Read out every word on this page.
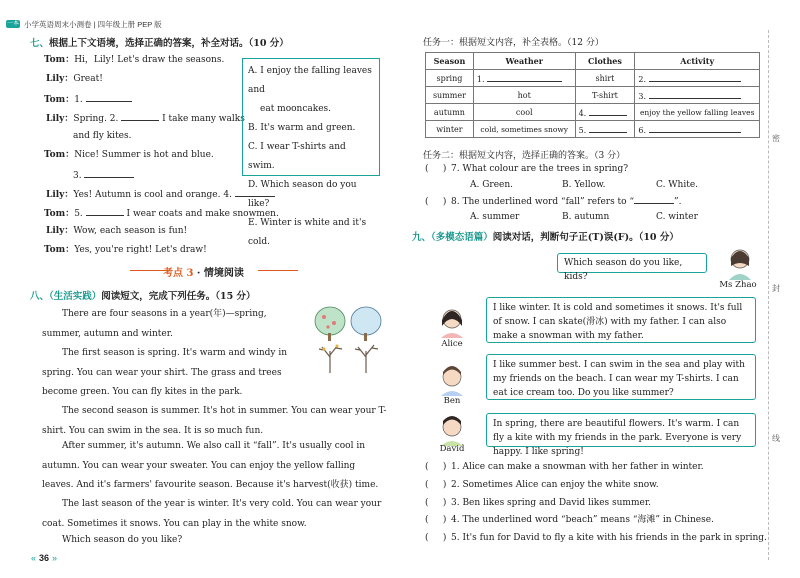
一本 小学英语周末小测卷 | 四年级上册 PEP 版
七、根据上下文语境，选择正确的答案，补全对话。（10 分）
Tom：Hi，Lily! Let's draw the seasons.
Lily：Great!
Tom：1.
Lily：Spring. 2.	I take many walks
and fly kites.
Tom：Nice! Summer is hot and blue.
3.
Lily：Yes! Autumn is cool and orange. 4.
Tom：5.	I wear coats and make snowmen.
Lily：Wow, each season is fun!
Tom：Yes, you're right! Let's draw!
A. I enjoy the falling leaves and
eat mooncakes.
B. It's warm and green.
C. I wear T-shirts and swim.
D. Which season do you like?
E. Winter is white and it's cold.
考点 3 · 情境阅读
八、（生活实践）阅读短文，完成下列任务。（15 分）
There are four seasons in a year(年)—spring, summer, autumn and winter.
The first season is spring. It's warm and windy in spring. You can wear your shirt. The grass and trees become green. You can fly kites in the park.
The second season is summer. It's hot in summer. You can wear your T-shirt. You can swim in the sea. It is so much fun.
After summer, it's autumn. We also call it “fall”. It's usually cool in autumn. You can wear your sweater. You can enjoy the yellow falling leaves. And it's farmers' favourite season. Because it's harvest(收获) time.
The last season of the year is winter. It's very cold. You can wear your coat. Sometimes it snows. You can play in the white snow.
Which season do you like?
« 36 »
任务一：根据短文内容，补全表格。（12 分）
Season	Weather	Clothes	Activity
spring	1.	shirt	2.
summer	hot	T-shirt	3.
autumn	cool	4.	enjoy the yellow falling leaves
winter	cold, sometimes snowy	5.	6.
任务二：根据短文内容，选择正确的答案。（3 分）
(     ) 7. What colour are the trees in spring?
A. Green.	B. Yellow.	C. White.
(     ) 8. The underlined word “fall” refers to “	”.
A. summer	B. autumn	C. winter
九、（多模态语篇）阅读对话，判断句子正(T)误(F)。（10 分）
Which season do you like, kids?
Ms Zhao
Alice
I like winter. It is cold and sometimes it snows. It's full of snow. I can skate(滑冰) with my father. I can also make a snowman with my father.
Ben
I like summer best. I can swim in the sea and play with my friends on the beach. I can wear my T-shirts. I can eat ice cream too. Do you like summer?
David
In spring, there are beautiful flowers. It's warm. I can fly a kite with my friends in the park. Everyone is very happy. I like spring!
(     ) 1. Alice can make a snowman with her father in winter.
(     ) 2. Sometimes Alice can enjoy the white snow.
(     ) 3. Ben likes spring and David likes summer.
(     ) 4. The underlined word “beach” means “海滩” in Chinese.
(     ) 5. It's fun for David to fly a kite with his friends in the park in spring.
密
封
线
